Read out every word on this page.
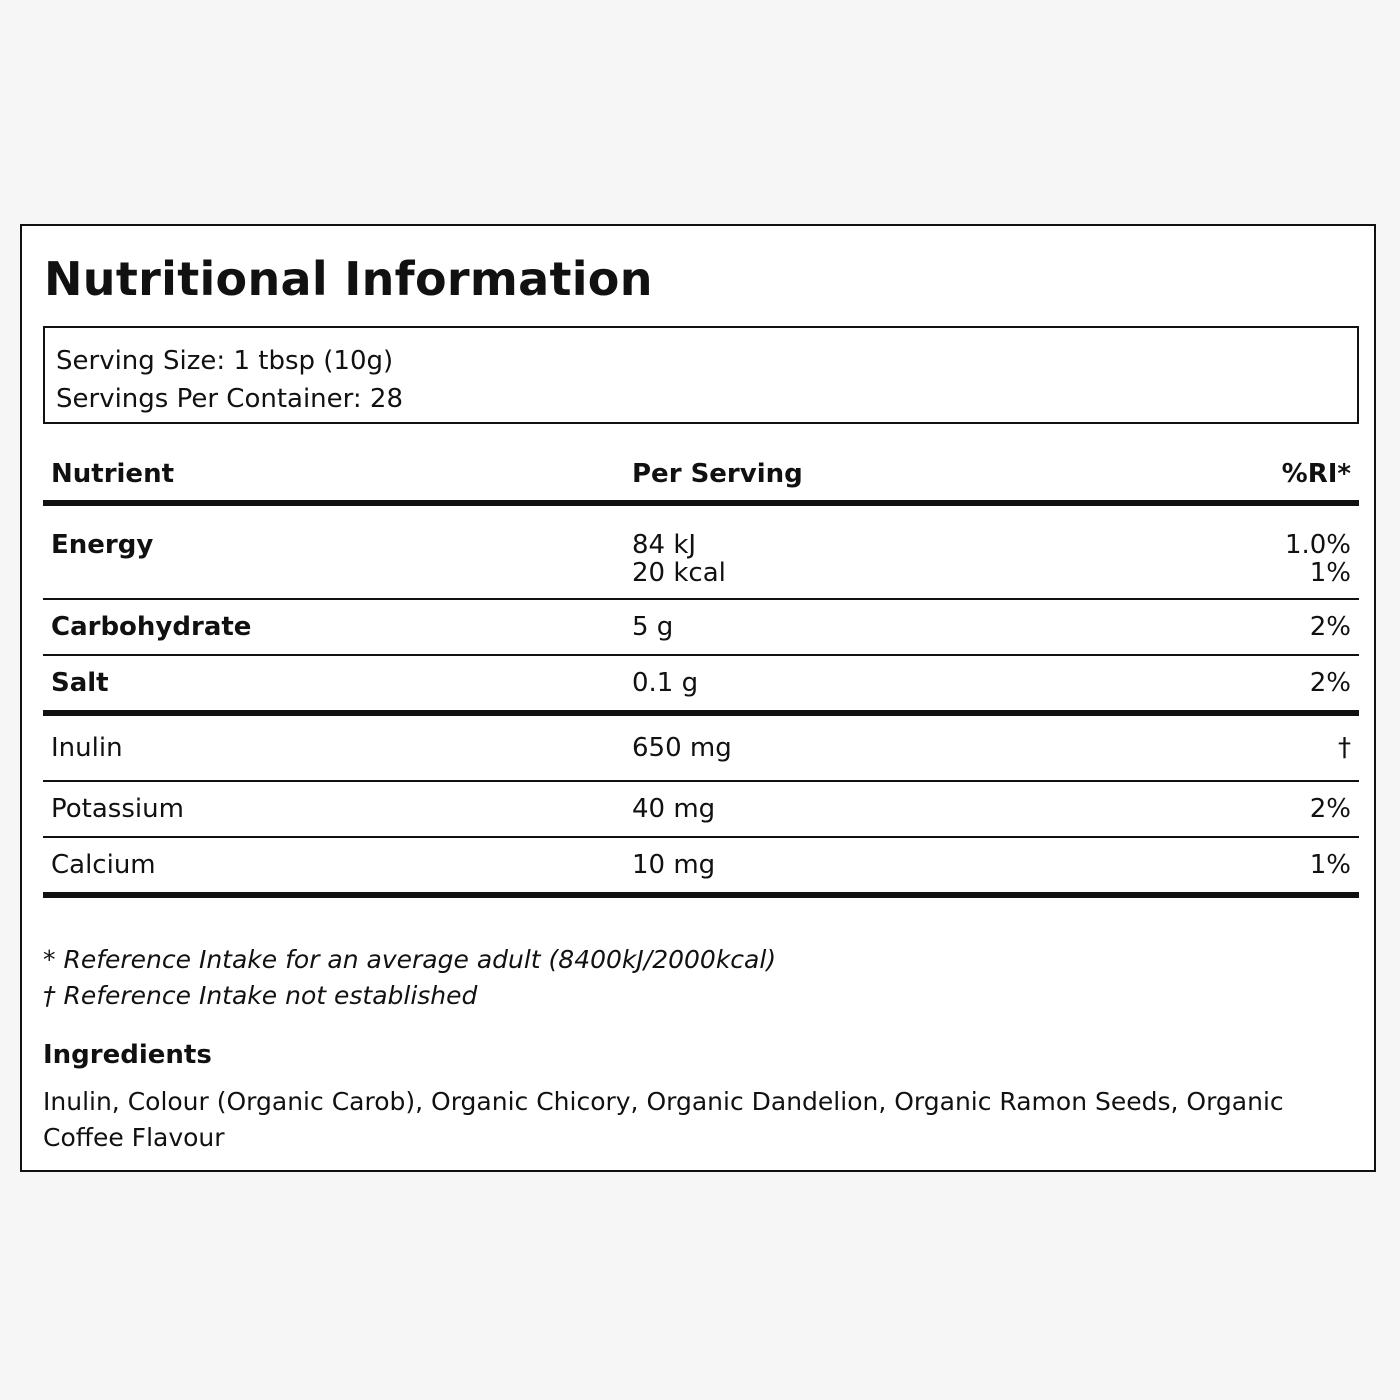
Nutritional Information
Serving Size: 1 tbsp (10g)
Servings Per Container: 28
Nutrient	Per Serving	%RI*
Energy	84 kJ	1.0%
20 kcal	1%
Carbohydrate	5 g	2%
Salt	0.1 g	2%
Inulin	650 mg	†
Potassium	40 mg	2%
Calcium	10 mg	1%
* Reference Intake for an average adult (8400kJ/2000kcal)
† Reference Intake not established
Ingredients
Inulin, Colour (Organic Carob), Organic Chicory, Organic Dandelion, Organic Ramon Seeds, Organic Coffee Flavour
